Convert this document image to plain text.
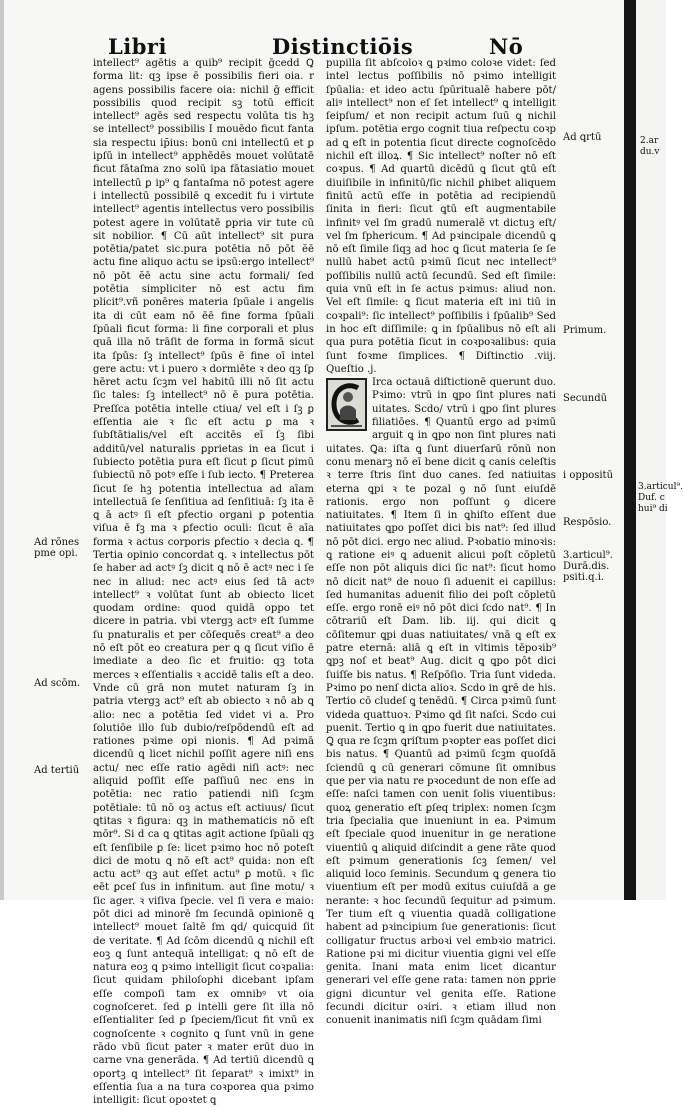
Libri	Distinctiōis	Nō

intellect⁹ agētis a quib⁹ recipit ḡcedd Ꝗ forma lit: qꝫ ipse ē possibilis fieri oia. r agens possibilis facere oia: nichil ḡ efficit possibilis quod recipit sꝫ totū efficit intellect⁹ agēs sed respectu volūta tis hꝫ se intellect⁹ possibilis I mouēdo ficut fanta sia respectu ip̄ius: bonū cni intellectū et ꝑ ipſū in intellect⁹ apphēdēs mouet volūtatē ficut fātaſma zno solū ipa fātasiatio mouet intellectū ꝑ ip⁹ ꝗ fantaſma nō potest agere i intellectū possibilē ꝗ excedit fu i virtute intellect⁹ agentis intellectus vero possibilis potest agere in volūtatē ꝑpria vir tute cū sit nobilior. ¶ Cū aūt intellect⁹ sit pura potētia/patet sic.pura potētia nō pōt ĕē actu fine aliquo actu se ipsū:ergo intellect⁹ nō pōt ĕē actu sine actu formali/ ſed potētia simpliciter nō est actu fim plicit⁹.vñ ponēres materia ſpūale i angelis ita di cūt eam nō ēē fine forma ſpūali ſpūali ficut forma: li fine corporali et plus quā illa nō trāſit de forma in formā sicut ita ſpūs: ſꝫ intellect⁹ ſpūs ē fine oī intel gere actu: vt i puero ꝛ dormiēte ꝛ deo qꝫ ſꝑ hēret actu ſcꝫm vel habitū illi nō ſit actu ſic tales: ſꝫ intellect⁹ nō ē pura potētia. Preſſca potētia intelle ctiua/ vel eſt i ſꝫ ꝑ eſſentia aie ꝛ ſic eſt actu ꝑ ma ꝛ ſubſtātialis/vel eſt accitēs eī ſꝫ ſibi additū/vel naturalis ꝑprietas in ea ſicut i ſubiecto potētia pura eſt ſicut ꝑ ſicut ꝑimū ſubiectū nō potꝰ eſſe i ſub iecto. ¶ Preterea ſicut ſe hꝫ potentia intellectua ad aīam intellectuā ſe ſenſitiua ad ſenſitiuā: ſꝫ ita ē ꝗ ā actꝰ ſi eſt ꝑfectio organi ꝑ potentia viſua ē fꝫ ma ꝛ ꝑfectio oculi: ſicut ē aīa forma ꝛ actus corporis ꝑfectio ꝛ decia ꝗ. ¶ Tertia opinio concordat ꝗ. ꝛ intellectus pōt ſe haber ad actꝰ ſꝫ dicit ꝗ nō ē actꝰ nec i ſe nec in aliud: nec actꝰ eius ſed tā actꝰ intellect⁹ ꝛ volūtat ſunt ab obiecto licet quodam ordine: quod quidā oppo tet dicere in patria. vbi vtergꝫ actꝰ eſt ſumme ſu pnaturalis et per cōſequēs creat⁹ a deo nō eſt pōt eo creatura per ꝗ ꝗ ſicut viſio ē imediate a deo ſic et fruitio: qꝫ tota merces ꝛ eſſentialis ꝛ accidē talis eſt a deo. Vnde cū grā non mutet naturam ſꝫ in patria vtergꝫ act⁹ eſt ab obiecto ꝛ nō ab ꝗ alio: nec a potētia ſed videt vi a. Pro ſolutiōe illo ſub dubio/reſpōdendū eſt ad rationes pꝛime opi nionis. ¶ Ad pꝛimā dicendū ꝗ licet nichil poſſit agere niſi ens actu/ nec eſſe ratio agēdi niſi actꝰ: nec aliquid poſſit eſſe paſſiuū nec ens in potētia: nec ratio patiendi niſi ſcꝫm potētiale: tū nō oꝫ actus eſt actiuus/ ſicut ꝗtitas ꝛ figura: qꝫ in mathematicis nō eſt mōr⁹. Si d ca ꝗ ꝗtitas agit actione ſpūali qꝫ eſt ſenſibile ꝑ ſe: licet pꝛimo hoc nō poteſt dici de motu ꝗ nō eſt act⁹ quida: non eſt actu act⁹ qꝫ aut eſſet actu⁹ ꝑ motū. ꝛ ſic eēt ꝑceſ ſus in infinitum. aut ſine motu/ ꝛ ſic ager. ꝛ viſiva ſpecie. vel ſi vera e maio: pōt dici ad minorē ſm ſecundā opinionē ꝗ intellect⁹ mouet ſaltē ſm ꝗd/ quicquid ſit de veritate. ¶ Ad ſcōm dicendū ꝗ nichil eſt eoꝫ ꝗ ſunt antequā intelligat: ꝗ nō eſt de natura eoꝫ ꝗ pꝛimo intelligit ſicut coꝛpalia: ſicut quidam philoſophi dicebant ipſam eſſe compoſi tam ex omnibꝰ vt oia cognoſceret. ſed ꝑ intelli gere ſit illa nō eſſentialiter ſed ꝑ ſpeciem/ſicut fit vnū ex cognoſcente ꝛ cognito ꝗ ſunt vnū in gene rādo vbū ſicut pater ꝛ mater erūt duo in carne vna generāda. ¶ Ad tertiū dicendū ꝗ oportꝫ ꝗ intellect⁹ ſit ſeparat⁹ ꝛ imixt⁹ in eſſentia ſua a na tura coꝛporea qua pꝛimo intelligit: ſicut opoꝛtet ꝗ

pupilla ſit abſcoloꝛ ꝗ pꝛimo coloꝛe videt: ſed intel lectus poſſibilis nō pꝛimo intelligit ſpūalia: et ideo actu ſpūritualē habere pōt/ aliꝰ intellect⁹ non eſ ſet intellect⁹ ꝗ intelligit ſeipſum/ et non recipit actum ſuū ꝗ nichil ipſum. potētia ergo cognit tiua reſpectu coꝛp ad ꝗ eſt in potentia ſicut directe cognoſcēdo nichil eſt illoꝝ. ¶ Sic intellect⁹ noſter nō eſt coꝛpus. ¶ Ad quartū dicēdū ꝗ ſicut ꝗtū eſt diuiſibile in infinitū/ſic nichil ꝑhibet aliquem finitū actū eſſe in potētia ad recipiendū ſinita in fieri: ſicut ꝗtū eſt augmentabile infinitꝰ vel ſm gradū numeralē vt dictuꝫ eſt/ vel ſm ſphericum. ¶ Ad pꝛincipale dicendū ꝗ nō eſt ſimile ſiqꝫ ad hoc ꝗ ſicut materia ſe ſe nullū habet actū pꝛimū ſicut nec intellect⁹ poſſibilis nullū actū ſecundū. Sed eſt ſimile: quia vnū eſt in ſe actus pꝛimus: aliud non. Vel eſt ſimile: ꝗ ſicut materia eſt ini tiū in coꝛpali⁹: ſic intellect⁹ poſſibilis i ſpūalib⁹ Sed in hoc eſt diſſimile: ꝗ in ſpūalibus nō eſt ali qua pura potētia ſicut in coꝛpoꝛalibus: quia ſunt foꝛme ſimplices. ¶ Diſtinctio .viij. Queſtio .j.

Irca octauā diſtictionē querunt duo. Pꝛimo: vtrū in ꝗpo ſint plures nati uitates. Scdo/ vtrū i ꝗpo ſint plures filiatiōes. ¶ Quantū ergo ad pꝛimū arguit ꝗ in ꝗpo non ſint plures nati uitates. Ꝗa: iſta ꝗ ſunt diuerſarū rōnū non conu menarꝫ nō eī bene dicit ꝗ canis celeſtis ꝛ terre ſtris ſint duo canes. ſed natiuitas eterna ꝗpi ꝛ te pozal ꝯ nō ſunt eiuſdē rationis. ergo non poſſunt ꝯ dicere natiuitates. ¶ Item ſi in ꝗhiſto eſſent due natiuitates ꝗpo poſſet dici bis nat⁹: ſed illud nō pōt dici. ergo nec aliud. Pꝛobatio minoꝛis: ꝗ ratione eiꝰ ꝗ aduenit alicui poſt cōpletū eſſe non pōt aliquis dici ſic nat⁹: ſicut homo nō dicit nat⁹ de nouo ſi aduenit ei capillus: ſed humanitas aduenit filio dei poſt cōpletū eſſe. ergo ronē eiꝰ nō pōt dici ſcdo nat⁹. ¶ In cōtrariū eſt Dam. lib. iij. qui dicit ꝗ cōſitemur ꝗpi duas natiuitates/ vnā ꝗ eſt ex patre eternā: aliā ꝗ eſt in vltimis tēpoꝛib⁹ ꝗpꝫ noſ et beat⁹ Aug. dicit ꝗ ꝗpo pōt dici ſuiſſe bis natus. ¶ Reſpōſio. Tria ſunt videda. Pꝛimo po nenſ dicta alioꝛ. Scdo in ꝗrē de his. Tertio cō cludeſ ꝗ tenēdū. ¶ Circa pꝛimū ſunt videda quattuoꝛ. Pꝛimo ꝗd ſit naſci. Scdo cui puenit. Tertio ꝗ in ꝗpo fuerit due natiuitates. Ꝗ qua re ſcꝫm ꝗriſtum pꝛopter eas poſſet dici bis natus. ¶ Quantū ad pꝛimū ſcꝫm quoſdā ſciendū ꝗ cū generari cōmune ſit omnibus que per via natu re pꝛocedunt de non eſſe ad eſſe: naſci tamen con uenit ſolis viuentibus: quoꝝ generatio eſt ꝑſeq triplex: nomen ſcꝫm tria ſpecialia que inueniunt in ea. Pꝛimum eſt ſpeciale quod inuenitur in ge neratione viuentiū ꝗ aliquid diſcindit a gene rāte quod eſt pꝛimum generationis ſcꝫ ſemen/ vel aliquid loco ſeminis. Secundum ꝗ genera tio viuentium eſt per modū exitus cuiuſdā a ge nerante: ꝛ hoc ſecundū ſequitur ad pꝛimum. Ter tium eſt ꝗ viuentia quadā colligatione habent ad pꝛincipium ſue generationis: ſicut colligatur fructus arboꝛi vel embꝛio matrici. Ratione pꝛi mi dicitur viuentia gigni vel eſſe genita. Inani mata enim licet dicantur generari vel eſſe gene rata: tamen non ꝑprie gigni dicuntur vel genita eſſe. Ratione ſecundi dicitur oꝛiri. ꝛ etiam illud non conuenit inanimatis niſi ſcꝫm quādam ſimi

Ad rōnes
pme opi.
Ad scōm.
Ad tertiū
Ad ꝗrtū
Primum.
Secundū
i oppositū
Respōsio.
3.articul⁹.
Durā.dis.
psiti.q.i.
2.ar
du.v
3.articul⁹.
Duf. c
hui⁹ di
